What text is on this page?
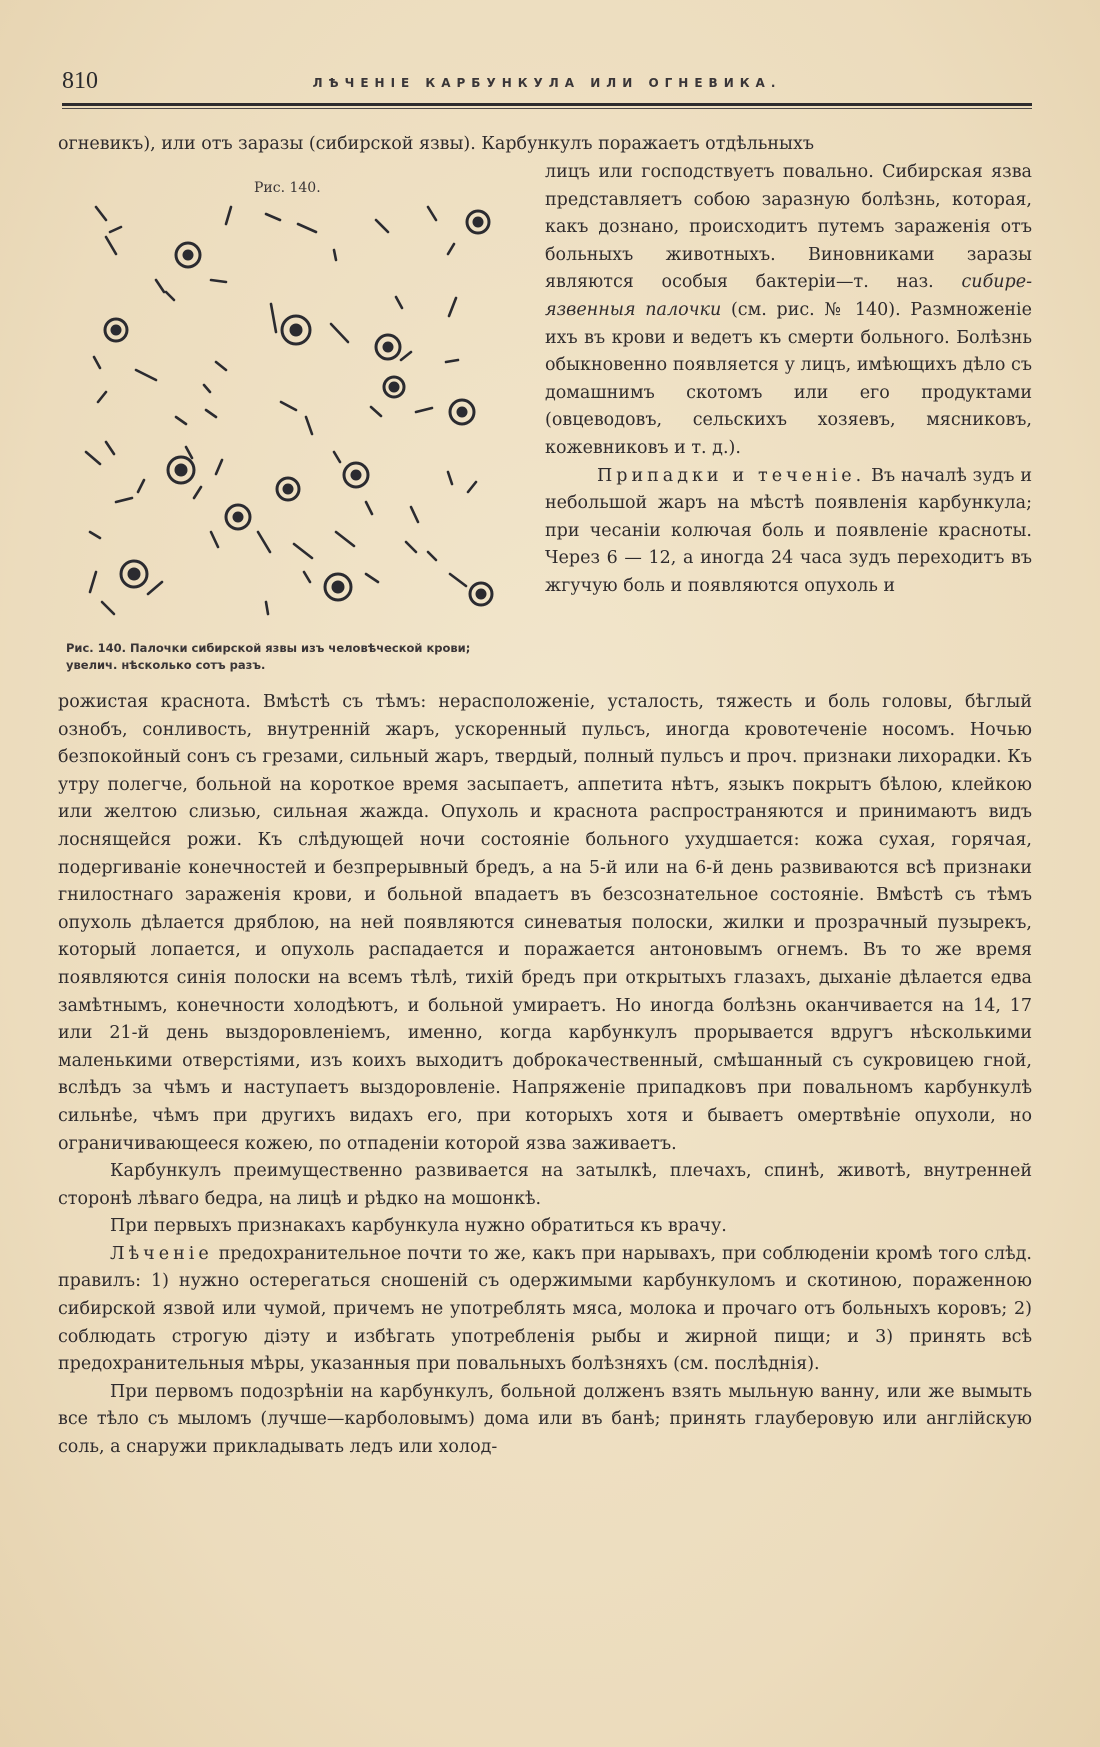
810	ЛѢЧЕНІЕ КАРБУНКУЛА ИЛИ ОГНЕВИКА.
огневикъ), или отъ заразы (сибирской язвы). Карбункулъ поражаетъ отдѣльныхъ
Рис. 140.
Рис. 140. Палочки сибирской язвы изъ человѣческой крови; увелич. нѣсколько сотъ разъ.

лицъ или господствуетъ повально. Сибирская язва представляетъ собою заразную болѣзнь, которая, какъ дознано, происходитъ путемъ зараженія отъ больныхъ животныхъ. Виновниками заразы являются особыя бактеріи—т. наз. сибире-язвенныя палочки (см. рис. № 140). Размноженіе ихъ въ крови и ведетъ къ смерти больного. Болѣзнь обыкновенно появляется у лицъ, имѣющихъ дѣло съ домашнимъ скотомъ или его продуктами (овцеводовъ, сельскихъ хозяевъ, мясниковъ, кожевниковъ и т. д.).

Припадки и теченіе. Въ началѣ зудъ и небольшой жаръ на мѣстѣ появленія карбункула; при чесаніи колючая боль и появленіе красноты. Через 6 — 12, а иногда 24 часа зудъ переходитъ въ жгучую боль и появляются опухоль и

рожистая краснота. Вмѣстѣ съ тѣмъ: нерасположеніе, усталость, тяжесть и боль головы, бѣглый ознобъ, сонливость, внутренній жаръ, ускоренный пульсъ, иногда кровотеченіе носомъ. Ночью безпокойный сонъ съ грезами, сильный жаръ, твердый, полный пульсъ и проч. признаки лихорадки. Къ утру полегче, больной на короткое время засыпаетъ, аппетита нѣтъ, языкъ покрытъ бѣлою, клейкою или желтою слизью, сильная жажда. Опухоль и краснота распространяются и принимаютъ видъ лоснящейся рожи. Къ слѣдующей ночи состояніе больного ухудшается: кожа сухая, горячая, подергиваніе конечностей и безпрерывный бредъ, а на 5-й или на 6-й день развиваются всѣ признаки гнилостнаго зараженія крови, и больной впадаетъ въ безсознательное состояніе. Вмѣстѣ съ тѣмъ опухоль дѣлается дряблою, на ней появляются синеватыя полоски, жилки и прозрачный пузырекъ, который лопается, и опухоль распадается и поражается антоновымъ огнемъ. Въ то же время появляются синія полоски на всемъ тѣлѣ, тихій бредъ при открытыхъ глазахъ, дыханіе дѣлается едва замѣтнымъ, конечности холодѣютъ, и больной умираетъ. Но иногда болѣзнь оканчивается на 14, 17 или 21-й день выздоровленіемъ, именно, когда карбункулъ прорывается вдругъ нѣсколькими маленькими отверстіями, изъ коихъ выходитъ доброкачественный, смѣшанный съ сукровицею гной, вслѣдъ за чѣмъ и наступаетъ выздоровленіе. Напряженіе припадковъ при повальномъ карбункулѣ сильнѣе, чѣмъ при другихъ видахъ его, при которыхъ хотя и бываетъ омертвѣніе опухоли, но ограничивающееся кожею, по отпаденіи которой язва заживаетъ.

Карбункулъ преимущественно развивается на затылкѣ, плечахъ, спинѣ, животѣ, внутренней сторонѣ лѣваго бедра, на лицѣ и рѣдко на мошонкѣ.

При первыхъ признакахъ карбункула нужно обратиться къ врачу.

Лѣченіе предохранительное почти то же, какъ при нарывахъ, при соблюденіи кромѣ того слѣд. правилъ: 1) нужно остерегаться сношеній съ одержимыми карбункуломъ и скотиною, пораженною сибирской язвой или чумой, причемъ не употреблять мяса, молока и прочаго отъ больныхъ коровъ; 2) соблюдать строгую діэту и избѣгать употребленія рыбы и жирной пищи; и 3) принять всѣ предохранительныя мѣры, указанныя при повальныхъ болѣзняхъ (см. послѣднія).

При первомъ подозрѣніи на карбункулъ, больной долженъ взять мыльную ванну, или же вымыть все тѣло съ мыломъ (лучше—карболовымъ) дома или въ банѣ; принять глауберовую или англійскую соль, а снаружи прикладывать ледъ или холод-
